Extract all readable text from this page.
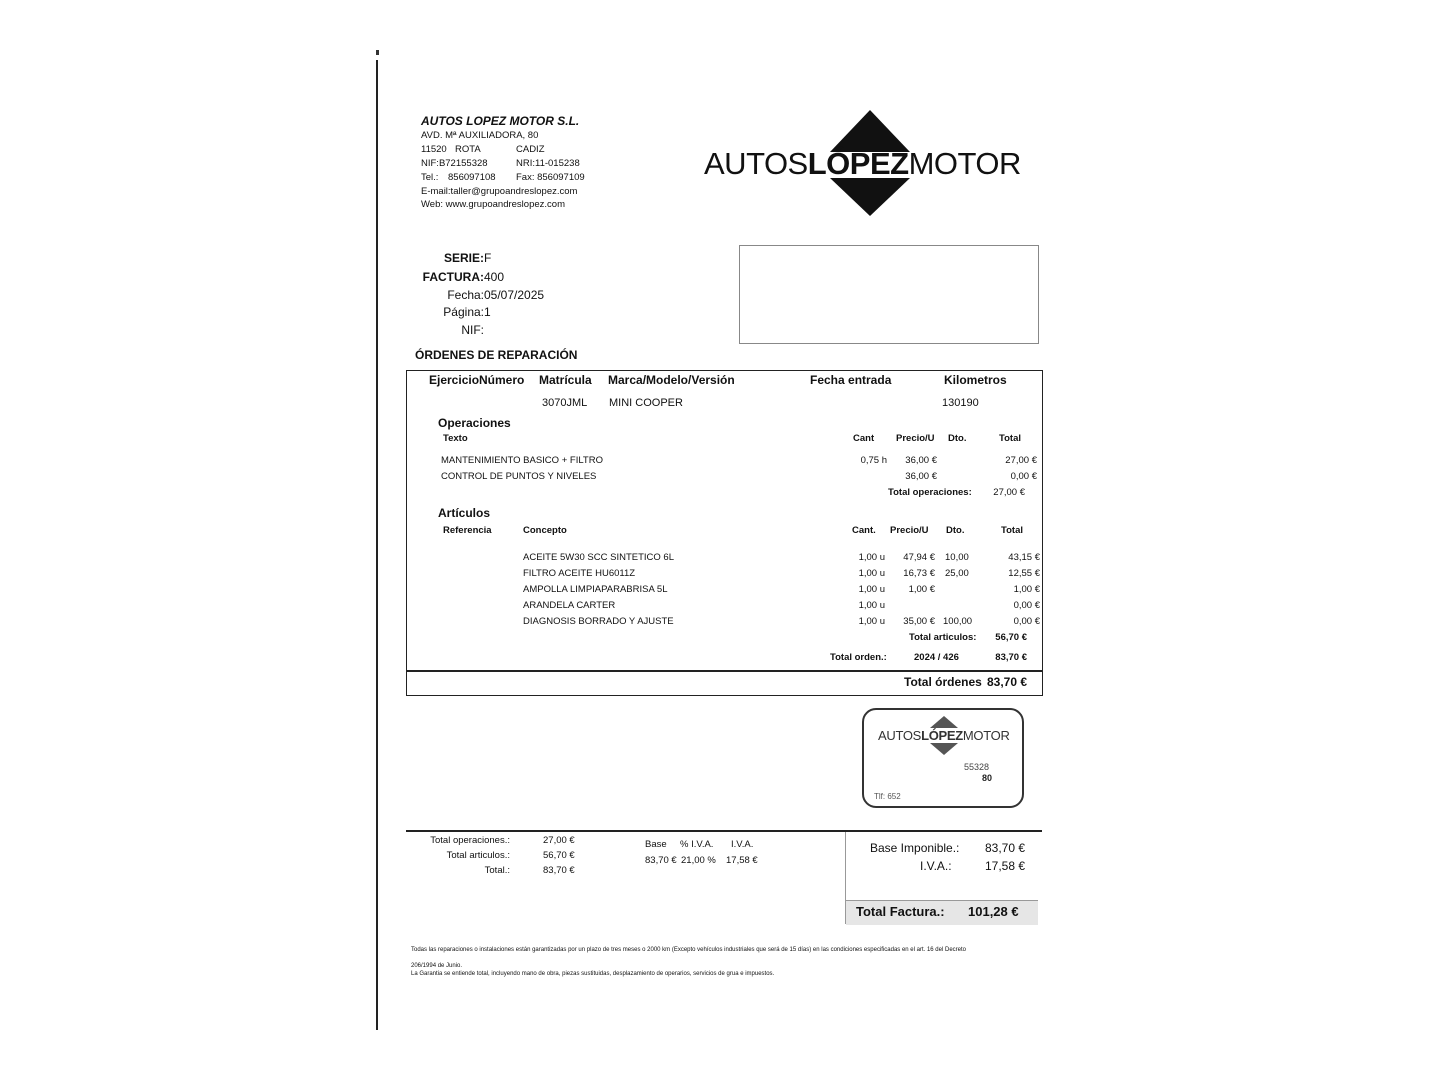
AUTOS LOPEZ MOTOR S.L.
AVD. Mª AUXILIADORA, 80
11520 ROTA	CADIZ
NIF:B72155328	NRI:11-015238
Tel.: 856097108 Fax: 856097109
E-mail:taller@grupoandreslopez.com
Web: www.grupoandreslopez.com
AUTOSLÓPEZMOTOR
SERIE: F
FACTURA: 400
Fecha: 05/07/2025
Página: 1
NIF:
ÓRDENES DE REPARACIÓN
Ejercicio Número Matrícula Marca/Modelo/Versión	Fecha entrada	Kilometros
3070JML MINI COOPER	130190
Operaciones
Texto	Cant Precio/U Dto.	Total
MANTENIMIENTO BASICO + FILTRO	0,75 h	36,00 €	27,00 €
CONTROL DE PUNTOS Y NIVELES	36,00 €	0,00 €
Total operaciones:	27,00 €
Artículos
Referencia	Concepto	Cant. Precio/U Dto.	Total
ACEITE 5W30 SCC SINTETICO 6L	1,00 u	47,94 € 10,00	43,15 €
FILTRO ACEITE HU6011Z	1,00 u	16,73 € 25,00	12,55 €
AMPOLLA LIMPIAPARABRISA 5L	1,00 u	1,00 €	1,00 €
ARANDELA CARTER	1,00 u	0,00 €
DIAGNOSIS BORRADO Y AJUSTE	1,00 u	35,00 € 100,00	0,00 €
Total articulos:	56,70 €
Total orden.:	2024 / 426	83,70 €
Total órdenes 83,70 €
AUTOSLÓPEZMOTOR
55328
80
Tlf: 652
Total operaciones.:	27,00 €
Total articulos.:	56,70 €
Total.:	83,70 €
Base % I.V.A. I.V.A.
83,70 € 21,00 % 17,58 €
Base Imponible.: 83,70 €
I.V.A.:	17,58 €
Total Factura.: 101,28 €
Todas las reparaciones o instalaciones están garantizadas por un plazo de tres meses o 2000 km (Excepto vehículos industriales que será de 15 días) en las condiciones especificadas en el art. 16 del Decreto
206/1994 de Junio.
La Garantia se entiende total, incluyendo mano de obra, piezas sustituidas, desplazamiento de operarios, servicios de grua e impuestos.
